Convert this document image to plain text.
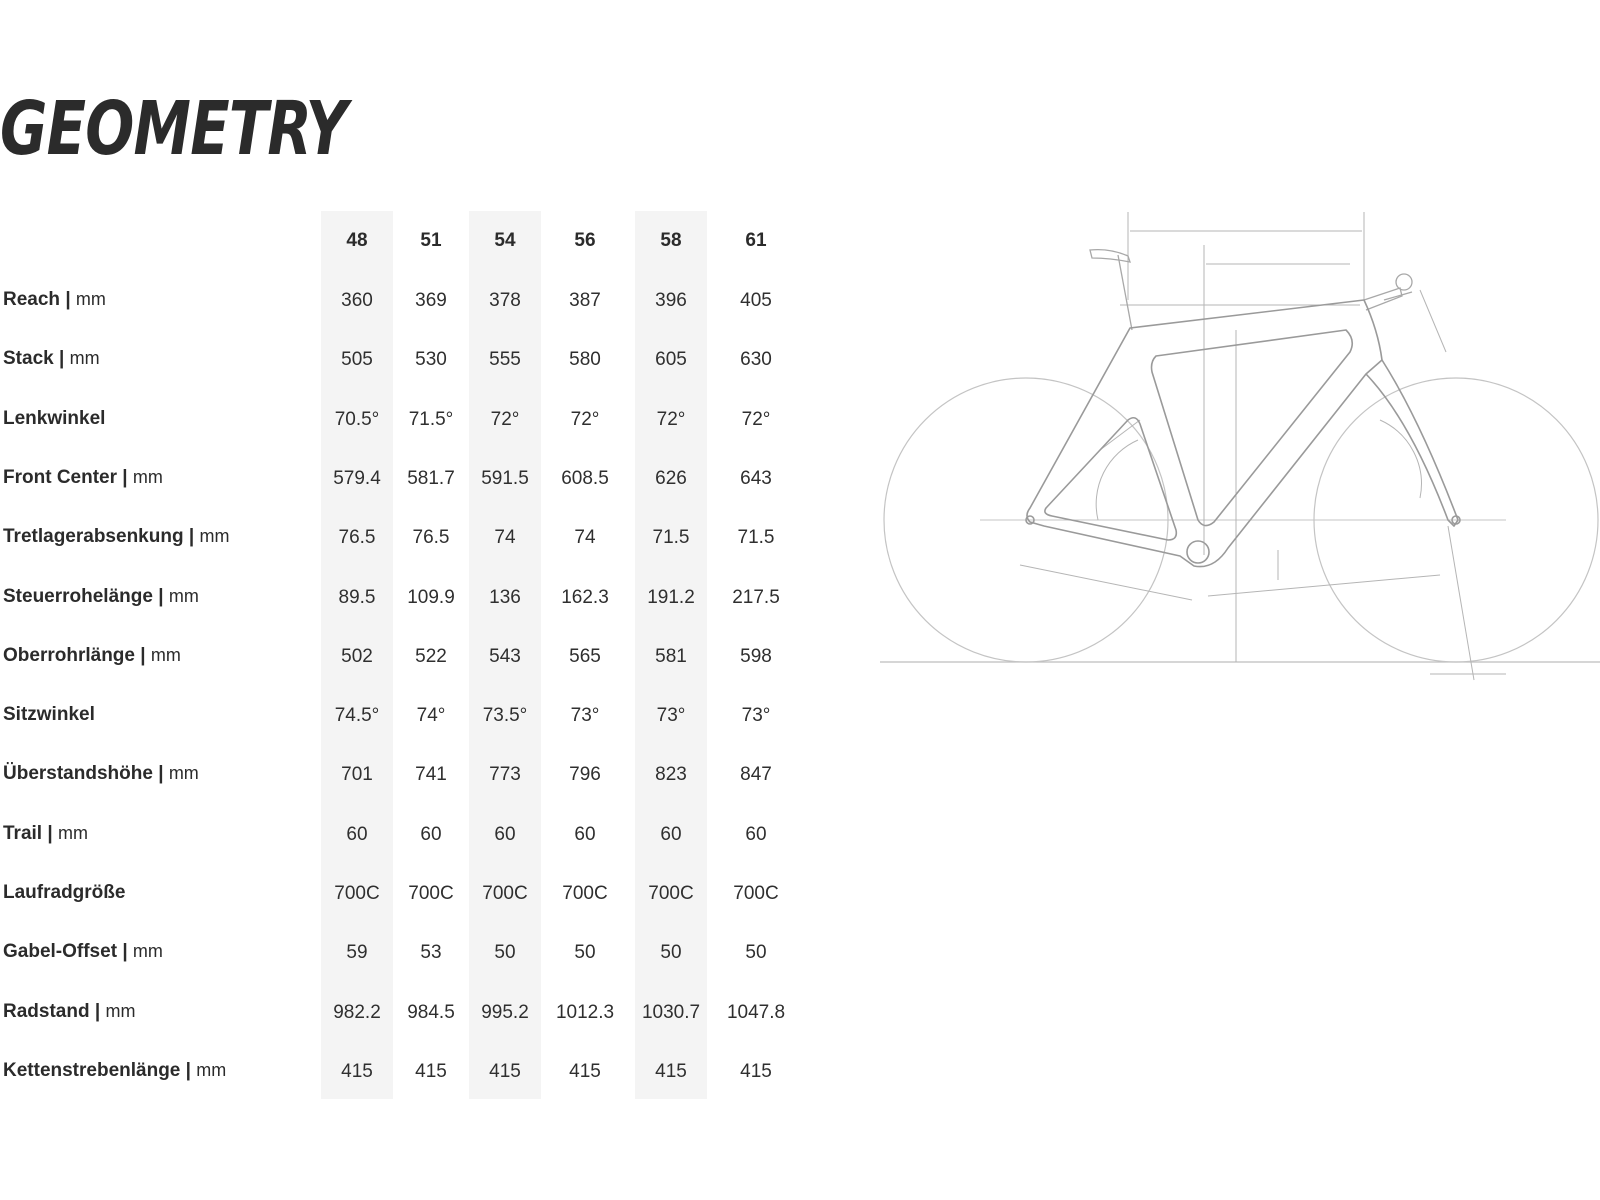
GEOMETRY
48	51	54	56	58	61
Reach | mm	360	369	378	387	396	405
Stack | mm	505	530	555	580	605	630
Lenkwinkel	70.5°	71.5°	72°	72°	72°	72°
Front Center | mm	579.4	581.7	591.5	608.5	626	643
Tretlagerabsenkung | mm	76.5	76.5	74	74	71.5	71.5
Steuerrohelänge | mm	89.5	109.9	136	162.3	191.2	217.5
Oberrohrlänge | mm	502	522	543	565	581	598
Sitzwinkel	74.5°	74°	73.5°	73°	73°	73°
Überstandshöhe | mm	701	741	773	796	823	847
Trail | mm	60	60	60	60	60	60
Laufradgröße	700C	700C	700C	700C	700C	700C
Gabel-Offset | mm	59	53	50	50	50	50
Radstand | mm	982.2	984.5	995.2	1012.3	1030.7	1047.8
Kettenstrebenlänge | mm	415	415	415	415	415	415
